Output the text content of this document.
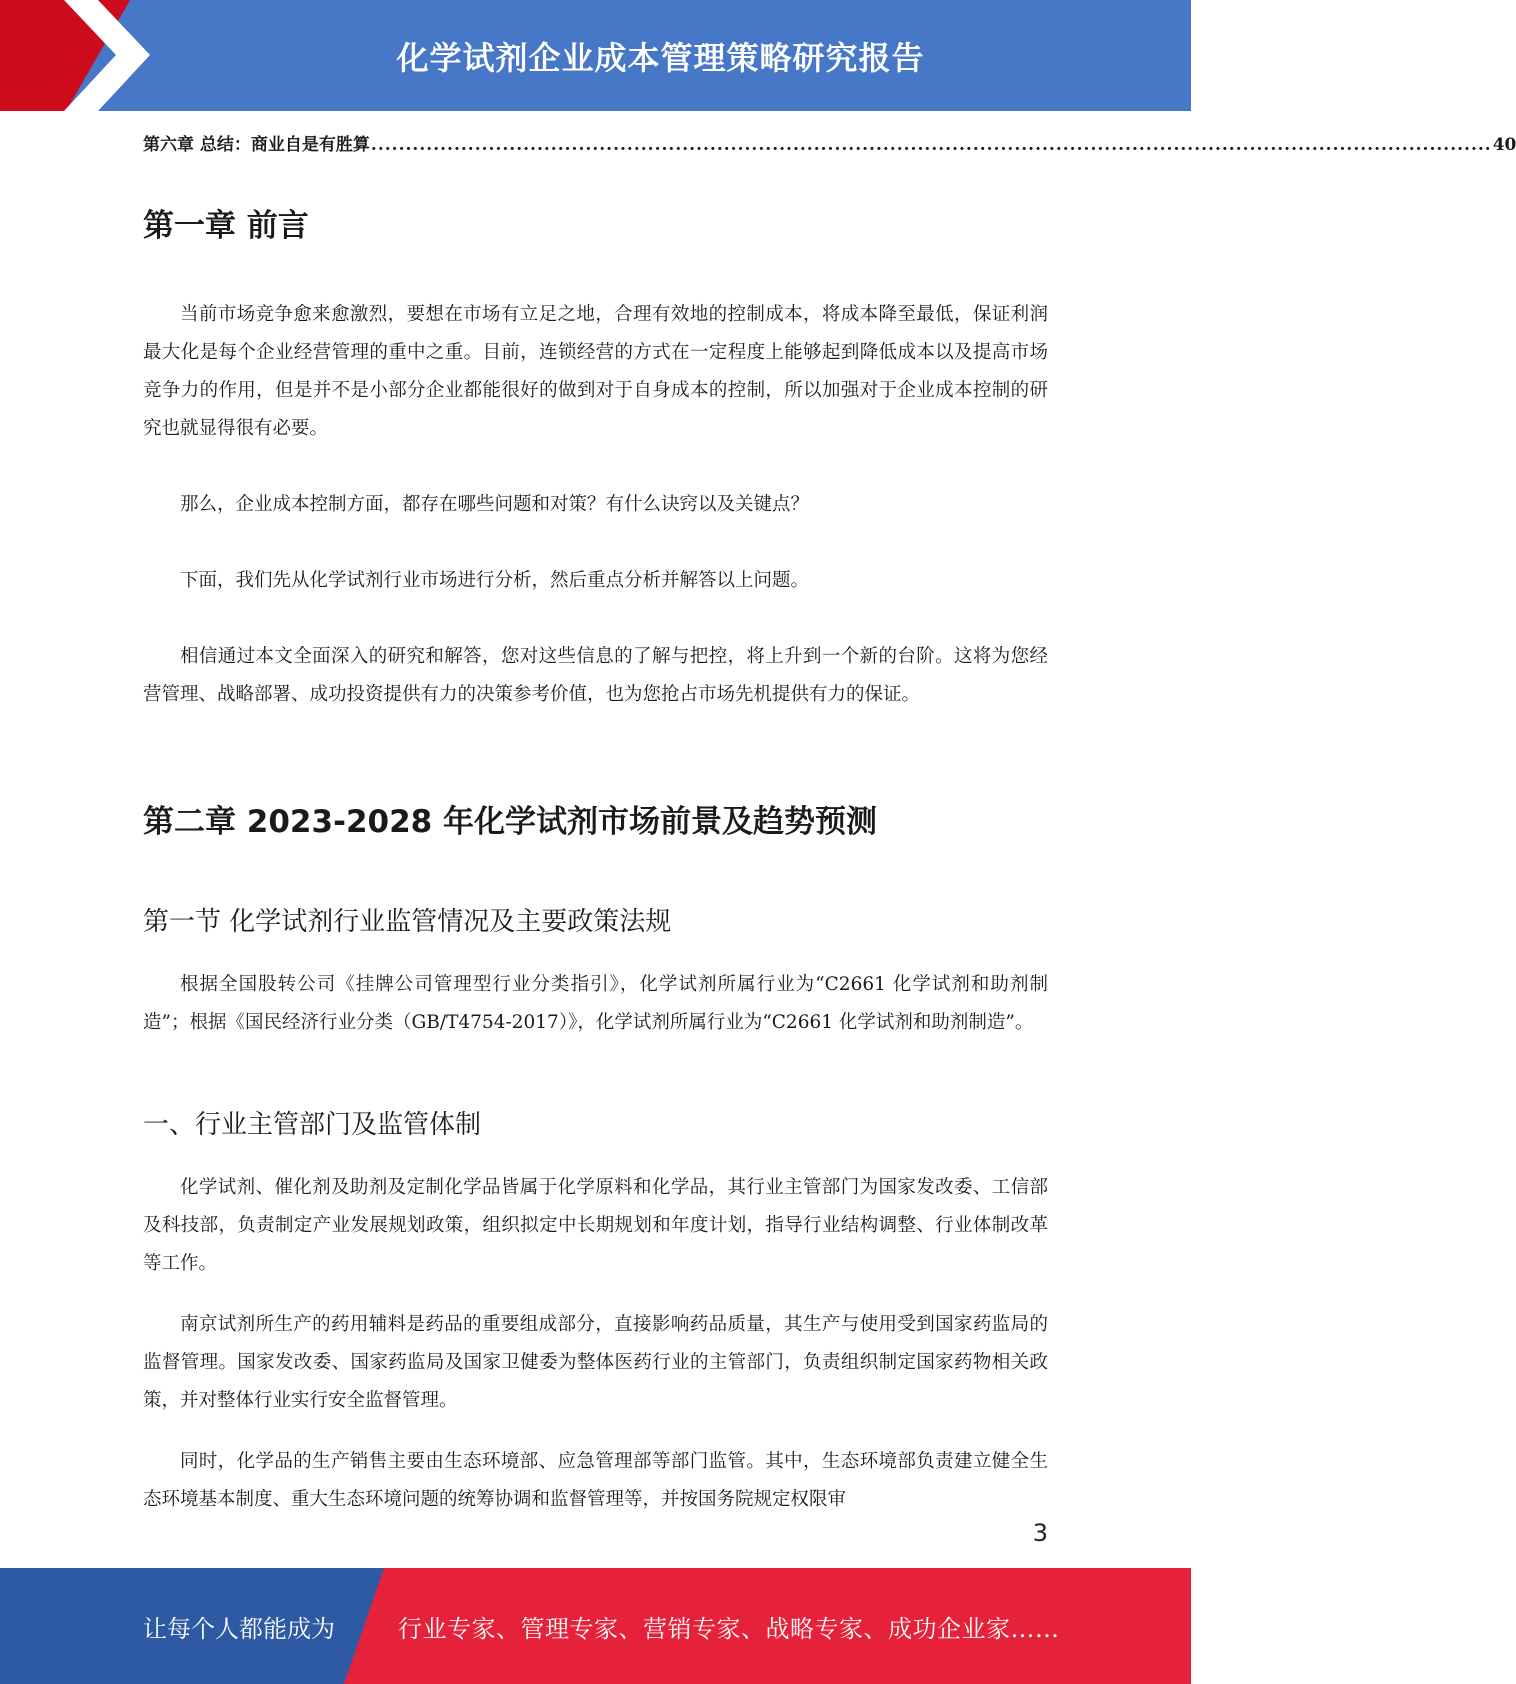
化学试剂企业成本管理策略研究报告
第六章 总结：商业自是有胜算 .................................................................................................................................................................. 40
第一章 前言

当前市场竞争愈来愈激烈，要想在市场有立足之地，合理有效地的控制成本，将成本降至最低，保证利润最大化是每个企业经营管理的重中之重。目前，连锁经营的方式在一定程度上能够起到降低成本以及提高市场竞争力的作用，但是并不是小部分企业都能很好的做到对于自身成本的控制，所以加强对于企业成本控制的研究也就显得很有必要。

那么，企业成本控制方面，都存在哪些问题和对策？有什么诀窍以及关键点？

下面，我们先从化学试剂行业市场进行分析，然后重点分析并解答以上问题。

相信通过本文全面深入的研究和解答，您对这些信息的了解与把控，将上升到一个新的台阶。这将为您经营管理、战略部署、成功投资提供有力的决策参考价值，也为您抢占市场先机提供有力的保证。

第二章 2023-2028 年化学试剂市场前景及趋势预测
第一节 化学试剂行业监管情况及主要政策法规

根据全国股转公司《挂牌公司管理型行业分类指引》，化学试剂所属行业为“C2661 化学试剂和助剂制造”；根据《国民经济行业分类（GB/T4754-2017）》，化学试剂所属行业为“C2661 化学试剂和助剂制造”。

一、行业主管部门及监管体制

化学试剂、催化剂及助剂及定制化学品皆属于化学原料和化学品，其行业主管部门为国家发改委、工信部及科技部，负责制定产业发展规划政策，组织拟定中长期规划和年度计划，指导行业结构调整、行业体制改革等工作。

南京试剂所生产的药用辅料是药品的重要组成部分，直接影响药品质量，其生产与使用受到国家药监局的监督管理。国家发改委、国家药监局及国家卫健委为整体医药行业的主管部门，负责组织制定国家药物相关政策，并对整体行业实行安全监督管理。

同时，化学品的生产销售主要由生态环境部、应急管理部等部门监管。其中，生态环境部负责建立健全生态环境基本制度、重大生态环境问题的统筹协调和监督管理等，并按国务院规定权限审

3
让每个人都能成为	行业专家、管理专家、营销专家、战略专家、成功企业家……
